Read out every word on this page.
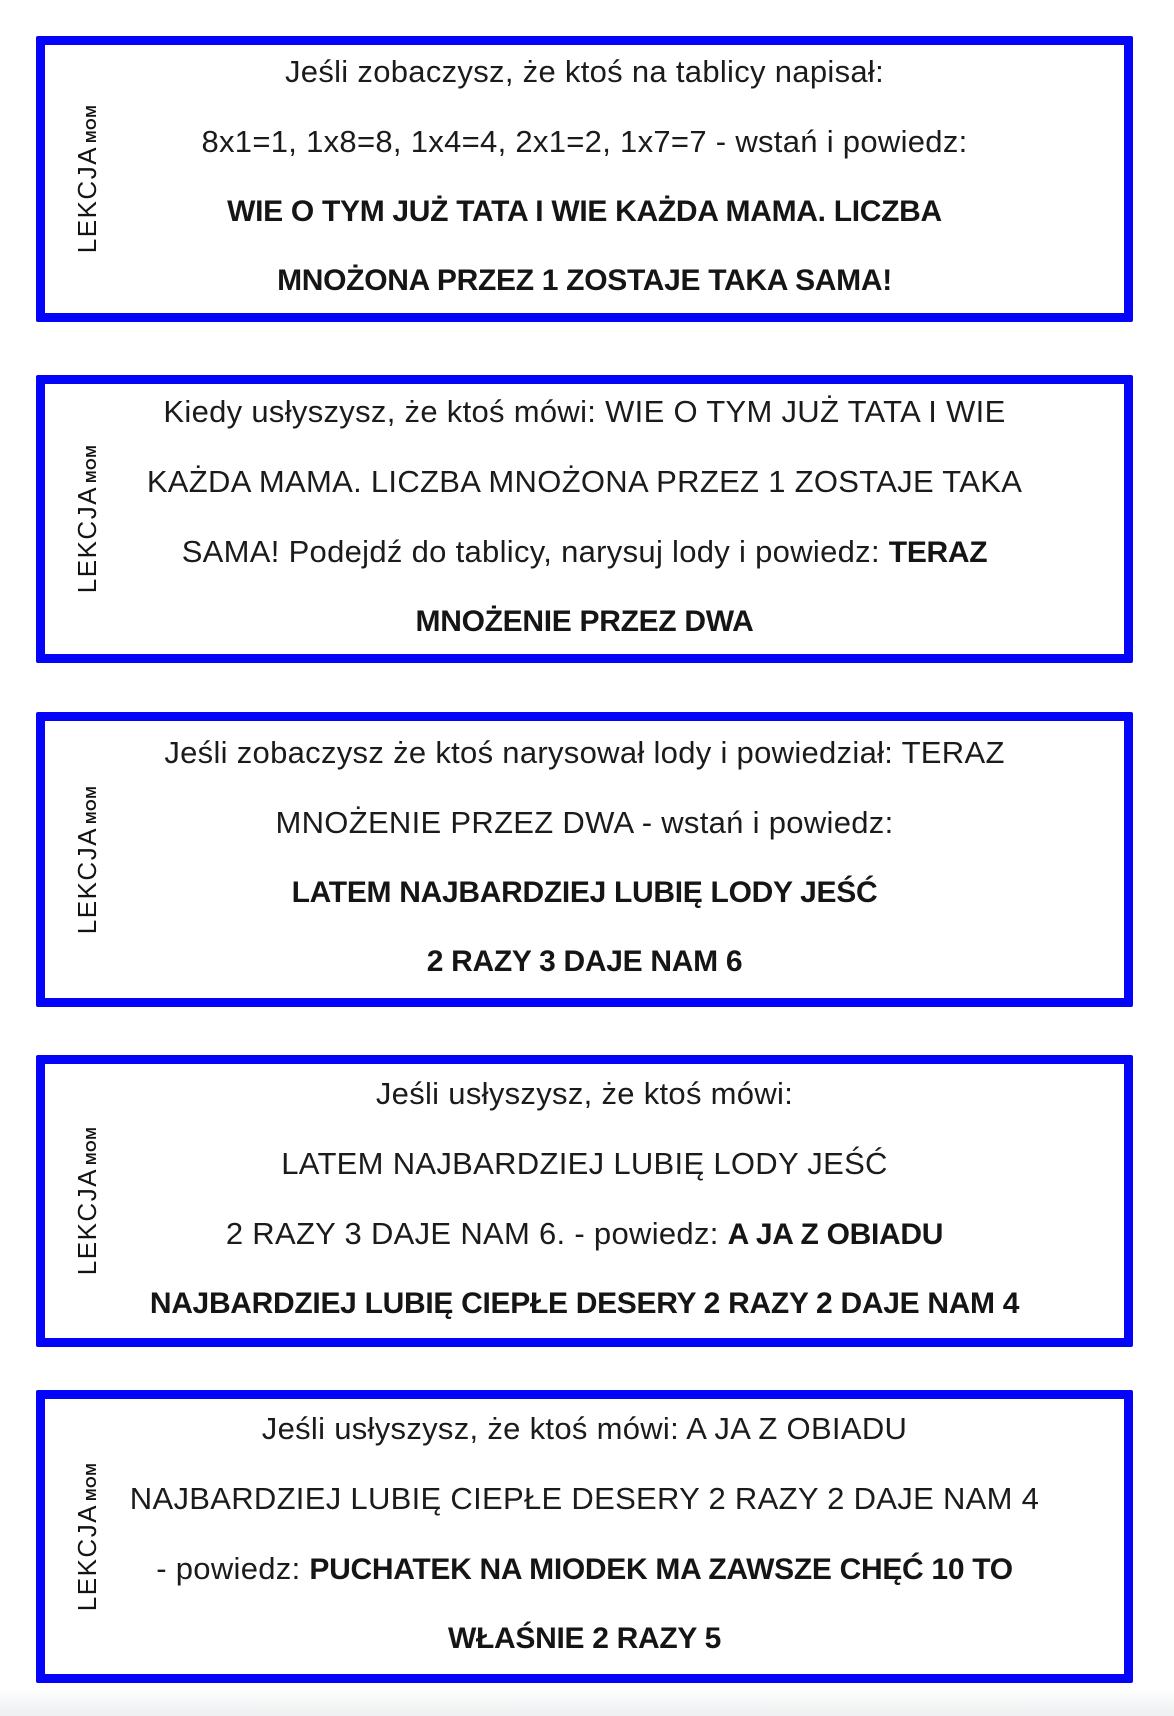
LEKCJAMOM
Jeśli zobaczysz, że ktoś na tablicy napisał:
8x1=1, 1x8=8, 1x4=4, 2x1=2, 1x7=7 - wstań i powiedz:
WIE O TYM JUŻ TATA I WIE KAŻDA MAMA. LICZBA
MNOŻONA PRZEZ 1 ZOSTAJE TAKA SAMA!
LEKCJAMOM
Kiedy usłyszysz, że ktoś mówi: WIE O TYM JUŻ TATA I WIE
KAŻDA MAMA. LICZBA MNOŻONA PRZEZ 1 ZOSTAJE TAKA
SAMA! Podejdź do tablicy, narysuj lody i powiedz: TERAZ
MNOŻENIE PRZEZ DWA
LEKCJAMOM
Jeśli zobaczysz że ktoś narysował lody i powiedział: TERAZ
MNOŻENIE PRZEZ DWA - wstań i powiedz:
LATEM NAJBARDZIEJ LUBIĘ LODY JEŚĆ
2 RAZY 3 DAJE NAM 6
LEKCJAMOM
Jeśli usłyszysz, że ktoś mówi:
LATEM NAJBARDZIEJ LUBIĘ LODY JEŚĆ
2 RAZY 3 DAJE NAM 6. - powiedz: A JA Z OBIADU
NAJBARDZIEJ LUBIĘ CIEPŁE DESERY 2 RAZY 2 DAJE NAM 4
LEKCJAMOM
Jeśli usłyszysz, że ktoś mówi: A JA Z OBIADU
NAJBARDZIEJ LUBIĘ CIEPŁE DESERY 2 RAZY 2 DAJE NAM 4
- powiedz: PUCHATEK NA MIODEK MA ZAWSZE CHĘĆ 10 TO
WŁAŚNIE 2 RAZY 5
